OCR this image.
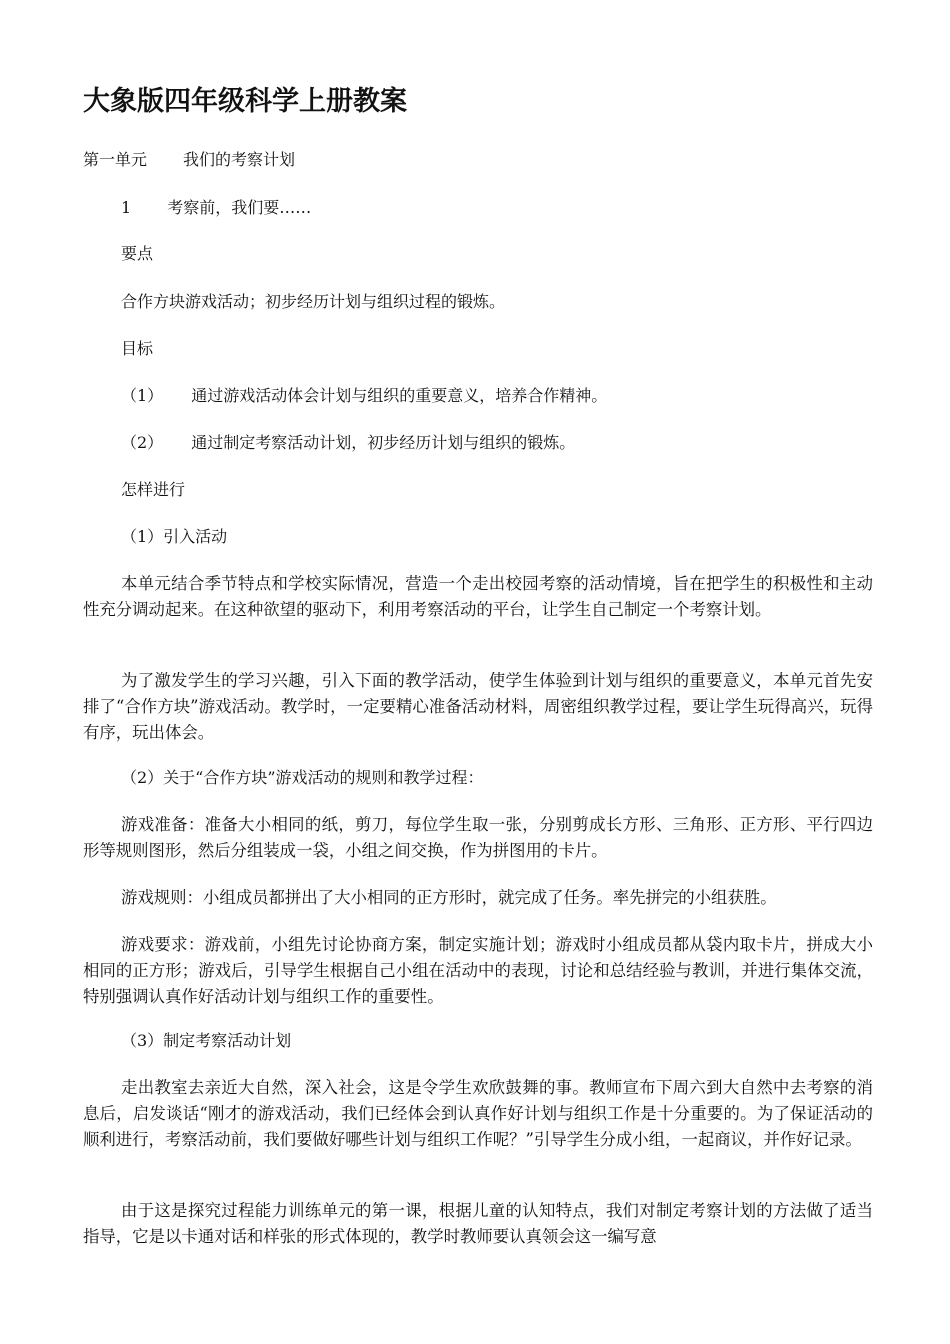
大象版四年级科学上册教案

第一单元 我们的考察计划

1 考察前，我们要……

要点

合作方块游戏活动；初步经历计划与组织过程的锻炼。

目标

（1） 通过游戏活动体会计划与组织的重要意义，培养合作精神。

（2） 通过制定考察活动计划，初步经历计划与组织的锻炼。

怎样进行

（1）引入活动

本单元结合季节特点和学校实际情况，营造一个走出校园考察的活动情境，旨在把学生的积极性和主动性充分调动起来。在这种欲望的驱动下，利用考察活动的平台，让学生自己制定一个考察计划。

为了激发学生的学习兴趣，引入下面的教学活动，使学生体验到计划与组织的重要意义，本单元首先安排了“合作方块”游戏活动。教学时，一定要精心准备活动材料，周密组织教学过程，要让学生玩得高兴，玩得有序，玩出体会。

（2）关于“合作方块”游戏活动的规则和教学过程：

游戏准备：准备大小相同的纸，剪刀，每位学生取一张，分别剪成长方形、三角形、正方形、平行四边形等规则图形，然后分组装成一袋，小组之间交换，作为拼图用的卡片。

游戏规则：小组成员都拼出了大小相同的正方形时，就完成了任务。率先拼完的小组获胜。

游戏要求：游戏前，小组先讨论协商方案，制定实施计划；游戏时小组成员都从袋内取卡片，拼成大小相同的正方形；游戏后，引导学生根据自己小组在活动中的表现，讨论和总结经验与教训，并进行集体交流，特别强调认真作好活动计划与组织工作的重要性。

（3）制定考察活动计划

走出教室去亲近大自然，深入社会，这是令学生欢欣鼓舞的事。教师宣布下周六到大自然中去考察的消息后，启发谈话“刚才的游戏活动，我们已经体会到认真作好计划与组织工作是十分重要的。为了保证活动的顺利进行，考察活动前，我们要做好哪些计划与组织工作呢？”引导学生分成小组，一起商议，并作好记录。

由于这是探究过程能力训练单元的第一课，根据儿童的认知特点，我们对制定考察计划的方法做了适当指导，它是以卡通对话和样张的形式体现的，教学时教师要认真领会这一编写意
